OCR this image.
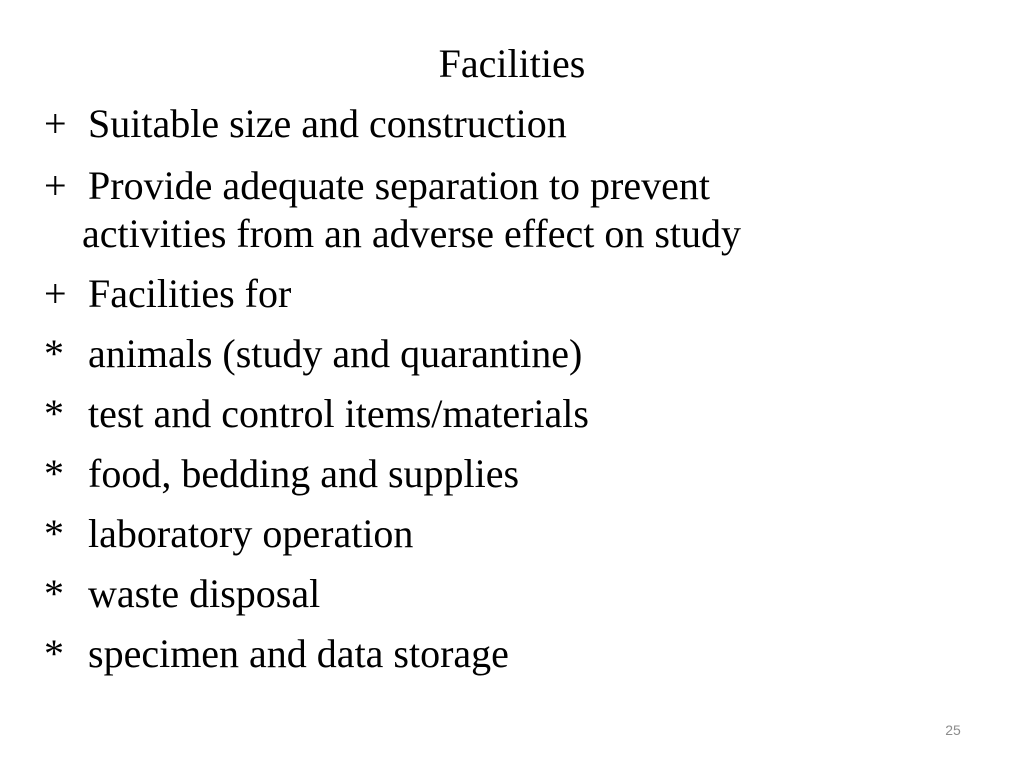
Facilities
+ Suitable size and construction
+ Provide adequate separation to prevent
activities from an adverse effect on study
+ Facilities for
* animals (study and quarantine)
* test and control items/materials
* food, bedding and supplies
* laboratory operation
* waste disposal
* specimen and data storage
25
